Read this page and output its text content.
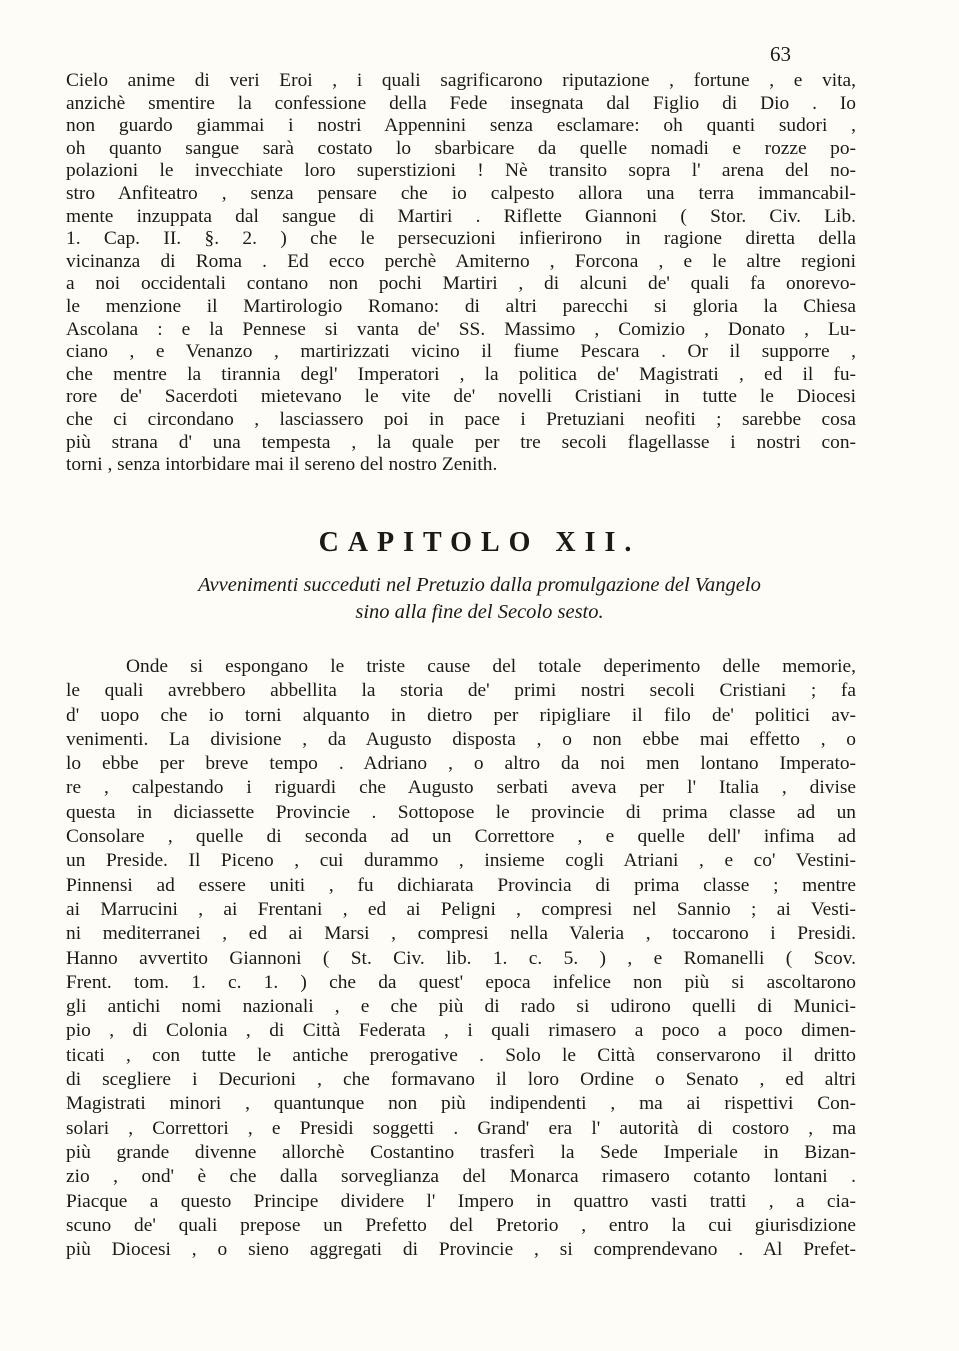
63
Cielo anime di veri Eroi , i quali sagrificarono riputazione , fortune , e vita,
anzichè smentire la confessione della Fede insegnata dal Figlio di Dio . Io
non guardo giammai i nostri Appennini senza esclamare: oh quanti sudori ,
oh quanto sangue sarà costato lo sbarbicare da quelle nomadi e rozze po-
polazioni le invecchiate loro superstizioni ! Nè transito sopra l' arena del no-
stro Anfiteatro , senza pensare che io calpesto allora una terra immancabil-
mente inzuppata dal sangue di Martiri . Riflette Giannoni ( Stor. Civ. Lib.
1. Cap. II. §. 2. ) che le persecuzioni infierirono in ragione diretta della
vicinanza di Roma . Ed ecco perchè Amiterno , Forcona , e le altre regioni
a noi occidentali contano non pochi Martiri , di alcuni de' quali fa onorevo-
le menzione il Martirologio Romano: di altri parecchi si gloria la Chiesa
Ascolana : e la Pennese si vanta de' SS. Massimo , Comizio , Donato , Lu-
ciano , e Venanzo , martirizzati vicino il fiume Pescara . Or il supporre ,
che mentre la tirannia degl' Imperatori , la politica de' Magistrati , ed il fu-
rore de' Sacerdoti mietevano le vite de' novelli Cristiani in tutte le Diocesi
che ci circondano , lasciassero poi in pace i Pretuziani neofiti ; sarebbe cosa
più strana d' una tempesta , la quale per tre secoli flagellasse i nostri con-
torni , senza intorbidare mai il sereno del nostro Zenith.
CAPITOLO XII.
Avvenimenti succeduti nel Pretuzio dalla promulgazione del Vangelo
sino alla fine del Secolo sesto.
Onde si espongano le triste cause del totale deperimento delle memorie,
le quali avrebbero abbellita la storia de' primi nostri secoli Cristiani ; fa
d' uopo che io torni alquanto in dietro per ripigliare il filo de' politici av-
venimenti. La divisione , da Augusto disposta , o non ebbe mai effetto , o
lo ebbe per breve tempo . Adriano , o altro da noi men lontano Imperato-
re , calpestando i riguardi che Augusto serbati aveva per l' Italia , divise
questa in diciassette Provincie . Sottopose le provincie di prima classe ad un
Consolare , quelle di seconda ad un Correttore , e quelle dell' infima ad
un Preside. Il Piceno , cui durammo , insieme cogli Atriani , e co' Vestini-
Pinnensi ad essere uniti , fu dichiarata Provincia di prima classe ; mentre
ai Marrucini , ai Frentani , ed ai Peligni , compresi nel Sannio ; ai Vesti-
ni mediterranei , ed ai Marsi , compresi nella Valeria , toccarono i Presidi.
Hanno avvertito Giannoni ( St. Civ. lib. 1. c. 5. ) , e Romanelli ( Scov.
Frent. tom. 1. c. 1. ) che da quest' epoca infelice non più si ascoltarono
gli antichi nomi nazionali , e che più di rado si udirono quelli di Munici-
pio , di Colonia , di Città Federata , i quali rimasero a poco a poco dimen-
ticati , con tutte le antiche prerogative . Solo le Città conservarono il dritto
di scegliere i Decurioni , che formavano il loro Ordine o Senato , ed altri
Magistrati minori , quantunque non più indipendenti , ma ai rispettivi Con-
solari , Correttori , e Presidi soggetti . Grand' era l' autorità di costoro , ma
più grande divenne allorchè Costantino trasferì la Sede Imperiale in Bizan-
zio , ond' è che dalla sorveglianza del Monarca rimasero cotanto lontani .
Piacque a questo Principe dividere l' Impero in quattro vasti tratti , a cia-
scuno de' quali prepose un Prefetto del Pretorio , entro la cui giurisdizione
più Diocesi , o sieno aggregati di Provincie , si comprendevano . Al Prefet-
